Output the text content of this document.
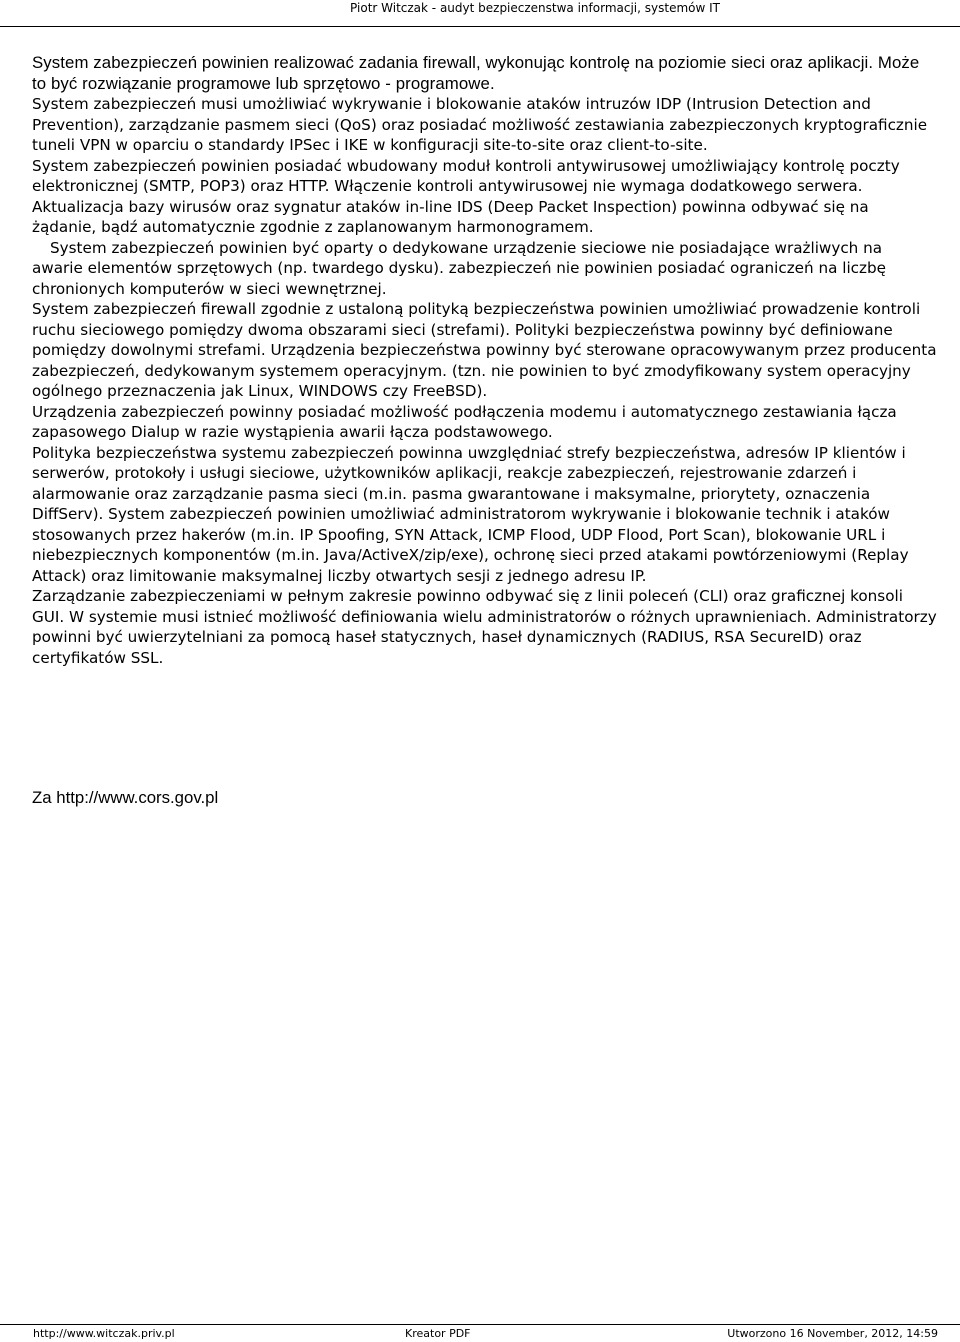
Piotr Witczak - audyt bezpieczenstwa informacji, systemów IT

System zabezpieczeń powinien realizować zadania firewall, wykonując kontrolę na poziomie sieci oraz aplikacji. Może to być rozwiązanie programowe lub sprzętowo - programowe.

System zabezpieczeń musi umożliwiać wykrywanie i blokowanie ataków intruzów IDP (Intrusion Detection and Prevention), zarządzanie pasmem sieci (QoS) oraz posiadać możliwość zestawiania zabezpieczonych kryptograficznie tuneli VPN w oparciu o standardy IPSec i IKE w konfiguracji site-to-site oraz client-to-site.

System zabezpieczeń powinien posiadać wbudowany moduł kontroli antywirusowej umożliwiający kontrolę poczty elektronicznej (SMTP, POP3) oraz HTTP. Włączenie kontroli antywirusowej nie wymaga dodatkowego serwera. Aktualizacja bazy wirusów oraz sygnatur ataków in-line IDS (Deep Packet Inspection) powinna odbywać się na żądanie, bądź automatycznie zgodnie z zaplanowanym harmonogramem.

System zabezpieczeń powinien być oparty o dedykowane urządzenie sieciowe nie posiadające wrażliwych na awarie elementów sprzętowych (np. twardego dysku). zabezpieczeń nie powinien posiadać ograniczeń na liczbę chronionych komputerów w sieci wewnętrznej.

System zabezpieczeń firewall zgodnie z ustaloną polityką bezpieczeństwa powinien umożliwiać prowadzenie kontroli ruchu sieciowego pomiędzy dwoma obszarami sieci (strefami). Polityki bezpieczeństwa powinny być definiowane pomiędzy dowolnymi strefami. Urządzenia bezpieczeństwa powinny być sterowane opracowywanym przez producenta zabezpieczeń, dedykowanym systemem operacyjnym. (tzn. nie powinien to być zmodyfikowany system operacyjny ogólnego przeznaczenia jak Linux, WINDOWS czy FreeBSD).

Urządzenia zabezpieczeń powinny posiadać możliwość podłączenia modemu i automatycznego zestawiania łącza zapasowego Dialup w razie wystąpienia awarii łącza podstawowego.

Polityka bezpieczeństwa systemu zabezpieczeń powinna uwzględniać strefy bezpieczeństwa, adresów IP klientów i serwerów, protokoły i usługi sieciowe, użytkowników aplikacji, reakcje zabezpieczeń, rejestrowanie zdarzeń i alarmowanie oraz zarządzanie pasma sieci (m.in. pasma gwarantowane i maksymalne, priorytety, oznaczenia DiffServ). System zabezpieczeń powinien umożliwiać administratorom wykrywanie i blokowanie technik i ataków stosowanych przez hakerów (m.in. IP Spoofing, SYN Attack, ICMP Flood, UDP Flood, Port Scan), blokowanie URL i niebezpiecznych komponentów (m.in. Java/ActiveX/zip/exe), ochronę sieci przed atakami powtórzeniowymi (Replay Attack) oraz limitowanie maksymalnej liczby otwartych sesji z jednego adresu IP.

Zarządzanie zabezpieczeniami w pełnym zakresie powinno odbywać się z linii poleceń (CLI) oraz graficznej konsoli GUI. W systemie musi istnieć możliwość definiowania wielu administratorów o różnych uprawnieniach. Administratorzy powinni być uwierzytelniani za pomocą haseł statycznych, haseł dynamicznych (RADIUS, RSA SecureID) oraz certyfikatów SSL.

Za http://www.cors.gov.pl
http://www.witczak.priv.pl	Kreator PDF	Utworzono 16 November, 2012, 14:59
